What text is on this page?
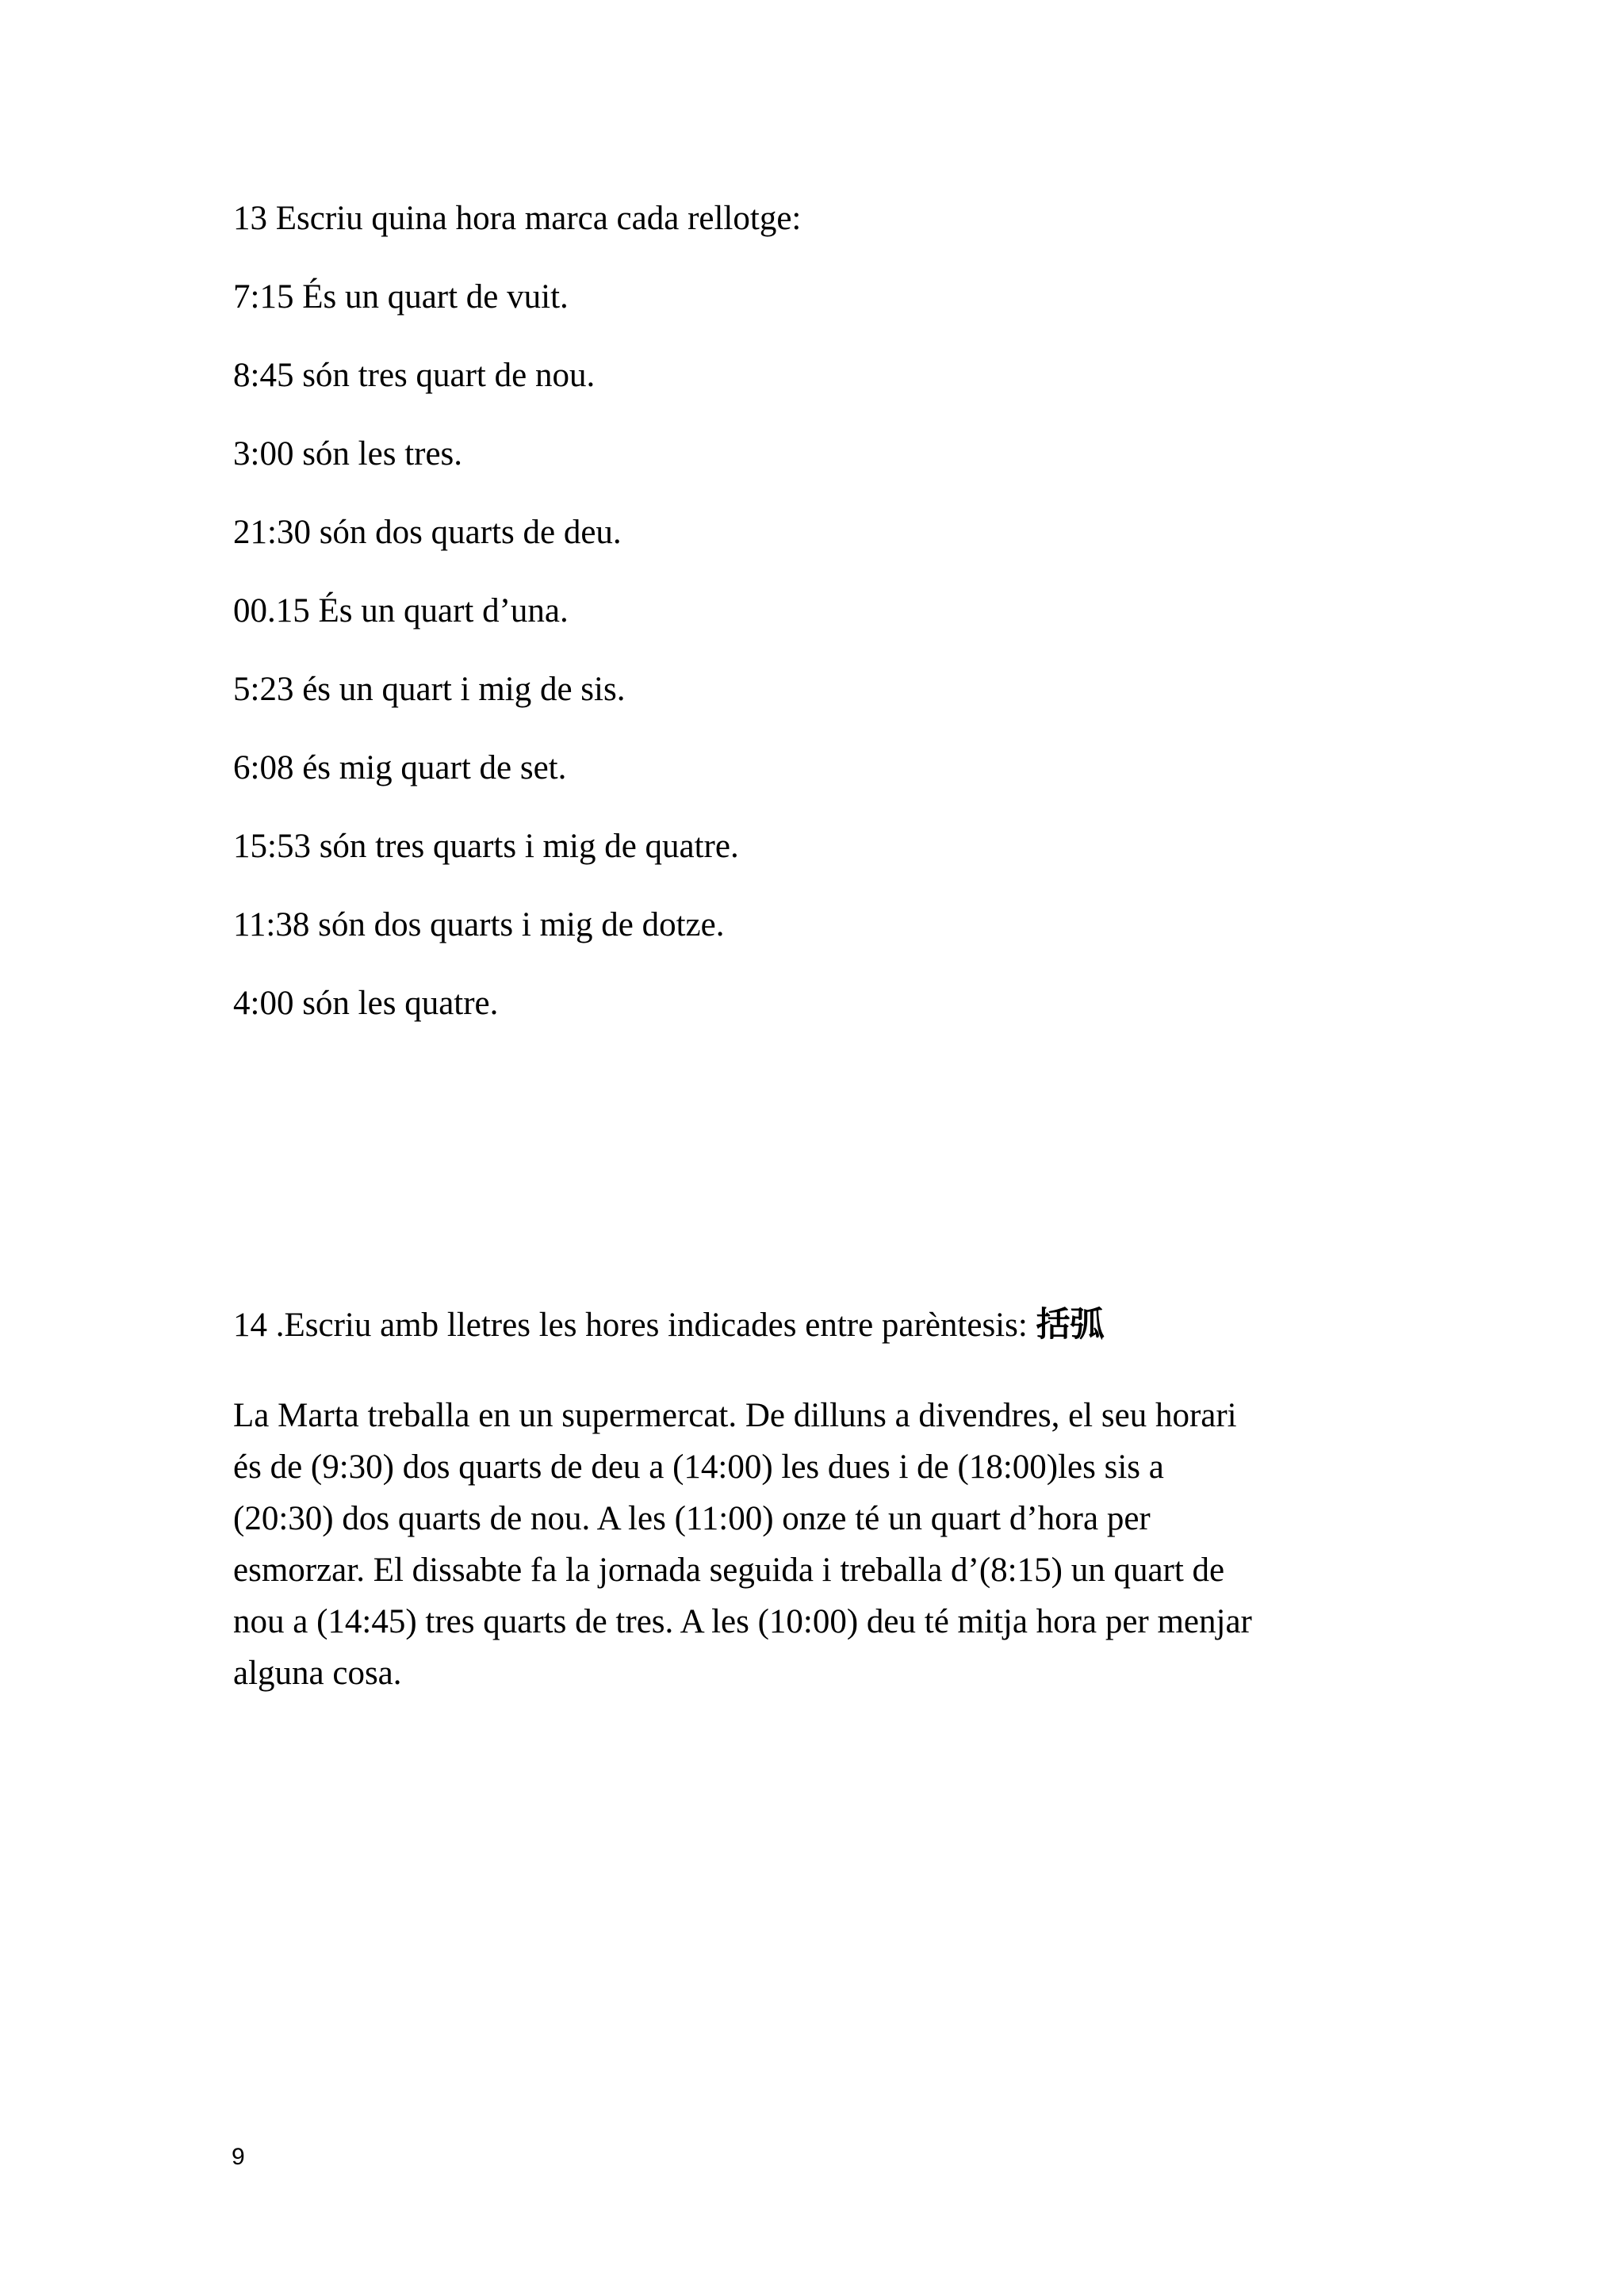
13 Escriu quina hora marca cada rellotge:
7:15 És un quart de vuit.
8:45 són tres quart de nou.
3:00 són les tres.
21:30 són dos quarts de deu.
00.15 És un quart d’una.
5:23 és un quart i mig de sis.
6:08 és mig quart de set.
15:53 són tres quarts i mig de quatre.
11:38 són dos quarts i mig de dotze.
4:00 són les quatre.
14 .Escriu amb lletres les hores indicades entre parèntesis: 括弧
La Marta treballa en un supermercat. De dilluns a divendres, el seu horari
és de (9:30) dos quarts de deu a (14:00) les dues i de (18:00)les sis a
(20:30) dos quarts de nou. A les (11:00) onze té un quart d’hora per
esmorzar. El dissabte fa la jornada seguida i treballa d’(8:15) un quart de
nou a (14:45) tres quarts de tres. A les (10:00) deu té mitja hora per menjar
alguna cosa.
9
